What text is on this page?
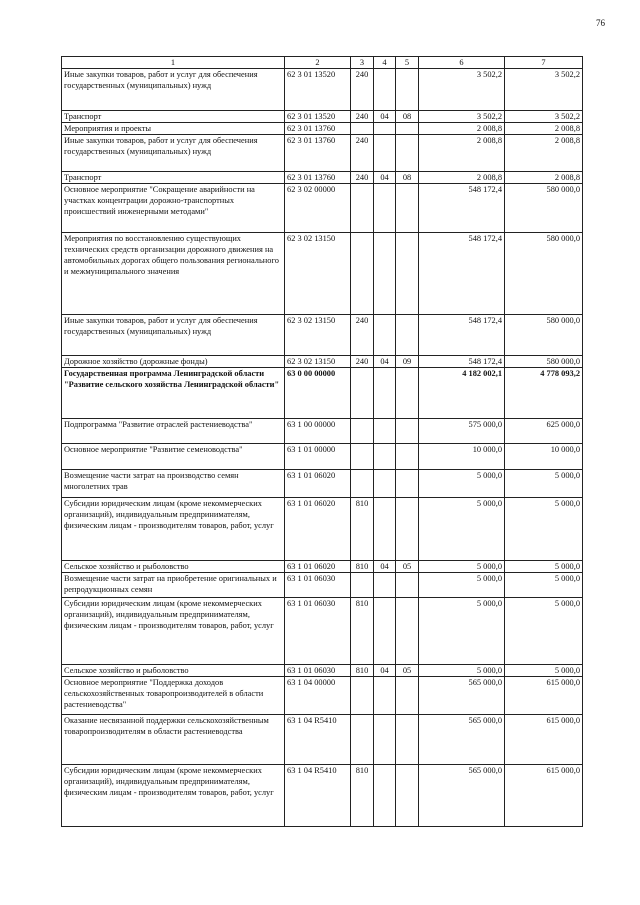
76
1	2	3	4	5	6	7
Иные закупки товаров, работ и услуг для обеспечения государственных (муниципальных) нужд	62 3 01 13520	240			3 502,2	3 502,2
Транспорт	62 3 01 13520	240	04	08	3 502,2	3 502,2
Мероприятия и проекты	62 3 01 13760				2 008,8	2 008,8
Иные закупки товаров, работ и услуг для обеспечения государственных (муниципальных) нужд	62 3 01 13760	240			2 008,8	2 008,8
Транспорт	62 3 01 13760	240	04	08	2 008,8	2 008,8
Основное мероприятие "Сокращение аварийности на участках концентрации дорожно-транспортных происшествий инженерными методами"	62 3 02 00000				548 172,4	580 000,0
Мероприятия по восстановлению существующих технических средств организации дорожного движения на автомобильных дорогах общего пользования регионального и межмуниципального значения	62 3 02 13150				548 172,4	580 000,0
Иные закупки товаров, работ и услуг для обеспечения государственных (муниципальных) нужд	62 3 02 13150	240			548 172,4	580 000,0
Дорожное хозяйство (дорожные фонды)	62 3 02 13150	240	04	09	548 172,4	580 000,0
Государственная программа Ленинградской области "Развитие сельского хозяйства Ленинградской области"	63 0 00 00000				4 182 002,1	4 778 093,2
Подпрограмма "Развитие отраслей растениеводства"	63 1 00 00000				575 000,0	625 000,0
Основное мероприятие "Развитие семеноводства"	63 1 01 00000				10 000,0	10 000,0
Возмещение части затрат на производство семян многолетних трав	63 1 01 06020				5 000,0	5 000,0
Субсидии юридическим лицам (кроме некоммерческих организаций), индивидуальным предпринимателям, физическим лицам - производителям товаров, работ, услуг	63 1 01 06020	810			5 000,0	5 000,0
Сельское хозяйство и рыболовство	63 1 01 06020	810	04	05	5 000,0	5 000,0
Возмещение части затрат на приобретение оригинальных и репродукционных семян	63 1 01 06030				5 000,0	5 000,0
Субсидии юридическим лицам (кроме некоммерческих организаций), индивидуальным предпринимателям, физическим лицам - производителям товаров, работ, услуг	63 1 01 06030	810			5 000,0	5 000,0
Сельское хозяйство и рыболовство	63 1 01 06030	810	04	05	5 000,0	5 000,0
Основное мероприятие "Поддержка доходов сельскохозяйственных товаропроизводителей в области растениеводства"	63 1 04 00000				565 000,0	615 000,0
Оказание несвязанной поддержки сельскохозяйственным товаропроизводителям в области растениеводства	63 1 04 R5410				565 000,0	615 000,0
Субсидии юридическим лицам (кроме некоммерческих организаций), индивидуальным предпринимателям, физическим лицам - производителям товаров, работ, услуг	63 1 04 R5410	810			565 000,0	615 000,0
